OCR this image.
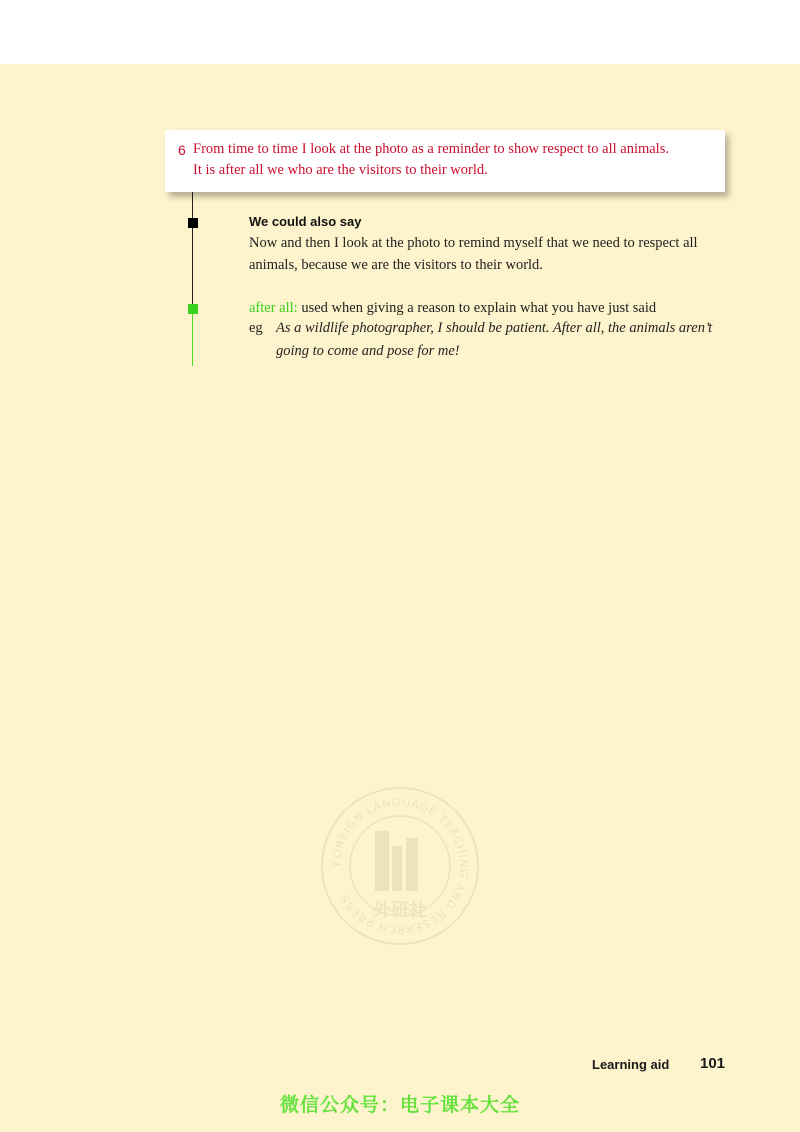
6 From time to time I look at the photo as a reminder to show respect to all animals.
It is after all we who are the visitors to their world.
We could also say
Now and then I look at the photo to remind myself that we need to respect all
animals, because we are the visitors to their world.
after all: used when giving a reason to explain what you have just said
eg As a wildlife photographer, I should be patient. After all, the animals aren’t
going to come and pose for me!
FOREIGN LANGUAGE TEACHING AND RESEARCH PRESS
外研社
Learning aid 101
微信公众号：电子课本大全
